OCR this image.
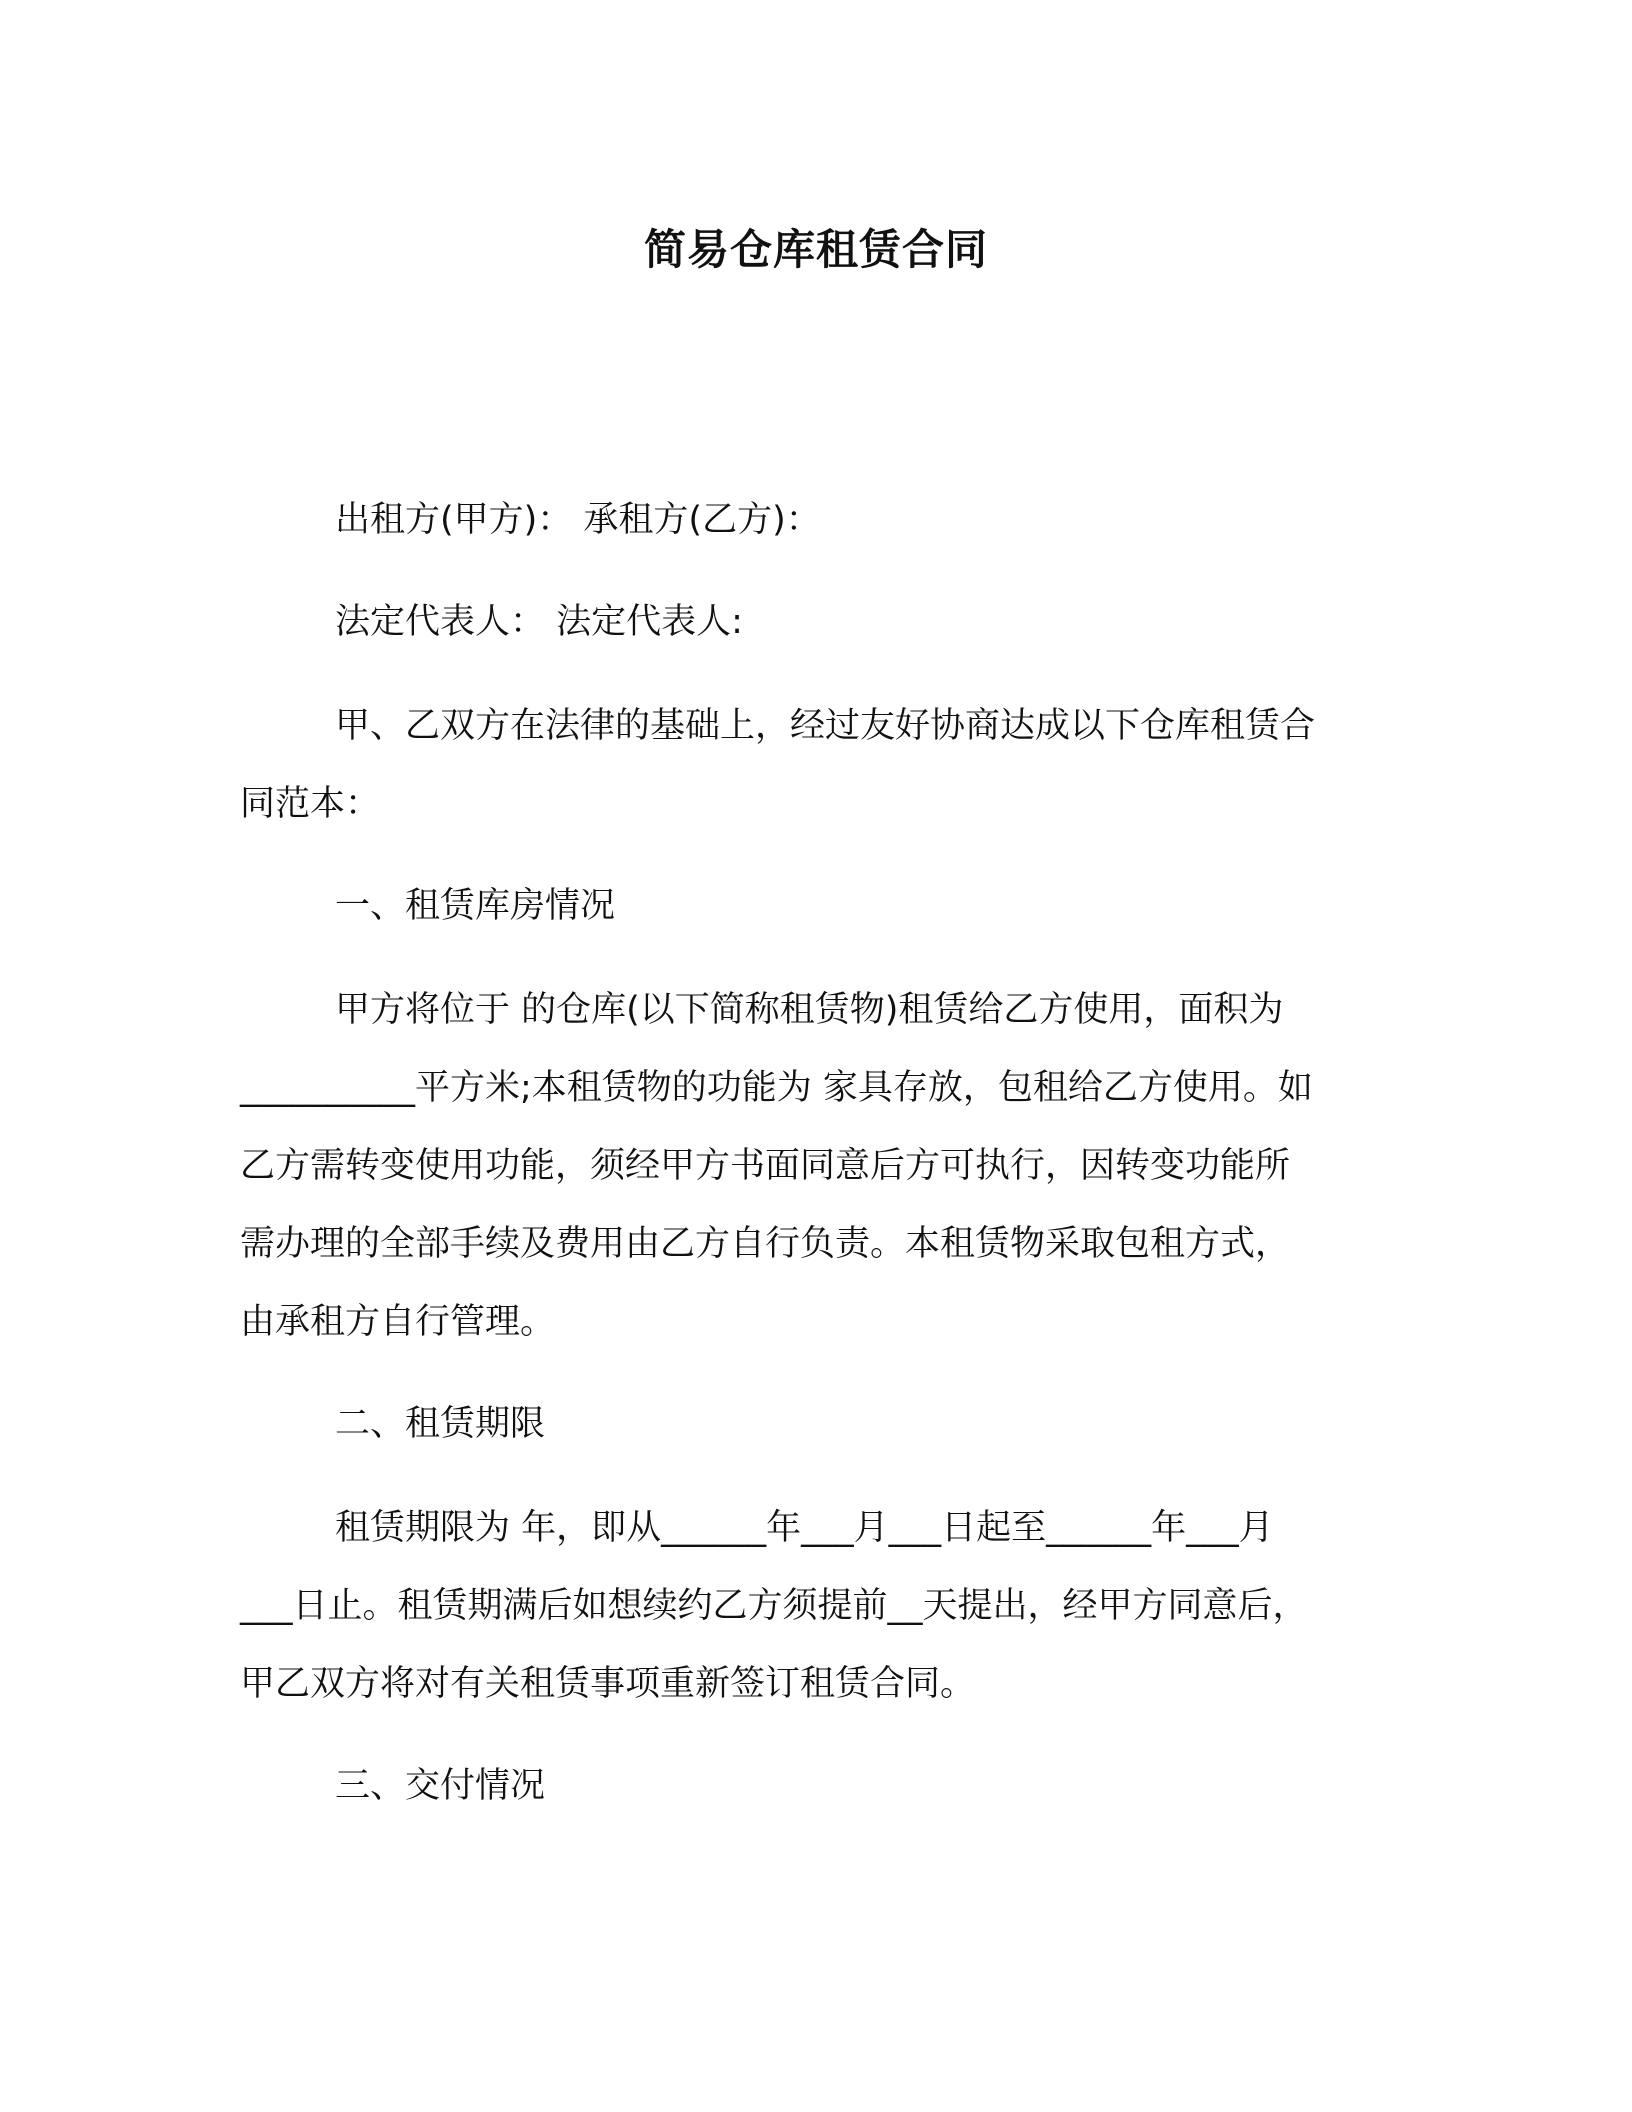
简易仓库租赁合同
出租方(甲方)： 承租方(乙方)：
法定代表人： 法定代表人:
甲、乙双方在法律的基础上，经过友好协商达成以下仓库租赁合
同范本：
一、租赁库房情况
甲方将位于 的仓库(以下简称租赁物)租赁给乙方使用，面积为
__________平方米;本租赁物的功能为 家具存放，包租给乙方使用。如
乙方需转变使用功能，须经甲方书面同意后方可执行，因转变功能所
需办理的全部手续及费用由乙方自行负责。本租赁物采取包租方式，
由承租方自行管理。
二、租赁期限
租赁期限为 年，即从______年___月___日起至______年___月
___日止。租赁期满后如想续约乙方须提前__天提出，经甲方同意后，
甲乙双方将对有关租赁事项重新签订租赁合同。
三、交付情况
